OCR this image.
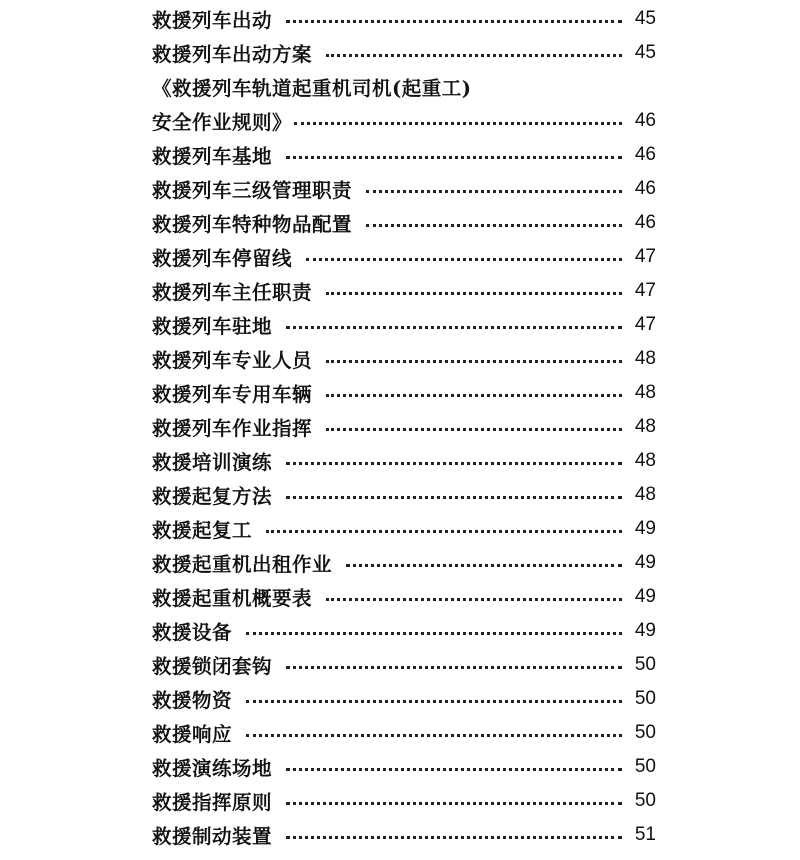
救援列车出动	45
救援列车出动方案	45
《救援列车轨道起重机司机(起重工)
安全作业规则》	46
救援列车基地	46
救援列车三级管理职责	46
救援列车特种物品配置	46
救援列车停留线	47
救援列车主任职责	47
救援列车驻地	47
救援列车专业人员	48
救援列车专用车辆	48
救援列车作业指挥	48
救援培训演练	48
救援起复方法	48
救援起复工	49
救援起重机出租作业	49
救援起重机概要表	49
救援设备	49
救援锁闭套钩	50
救援物资	50
救援响应	50
救援演练场地	50
救援指挥原则	50
救援制动装置	51
